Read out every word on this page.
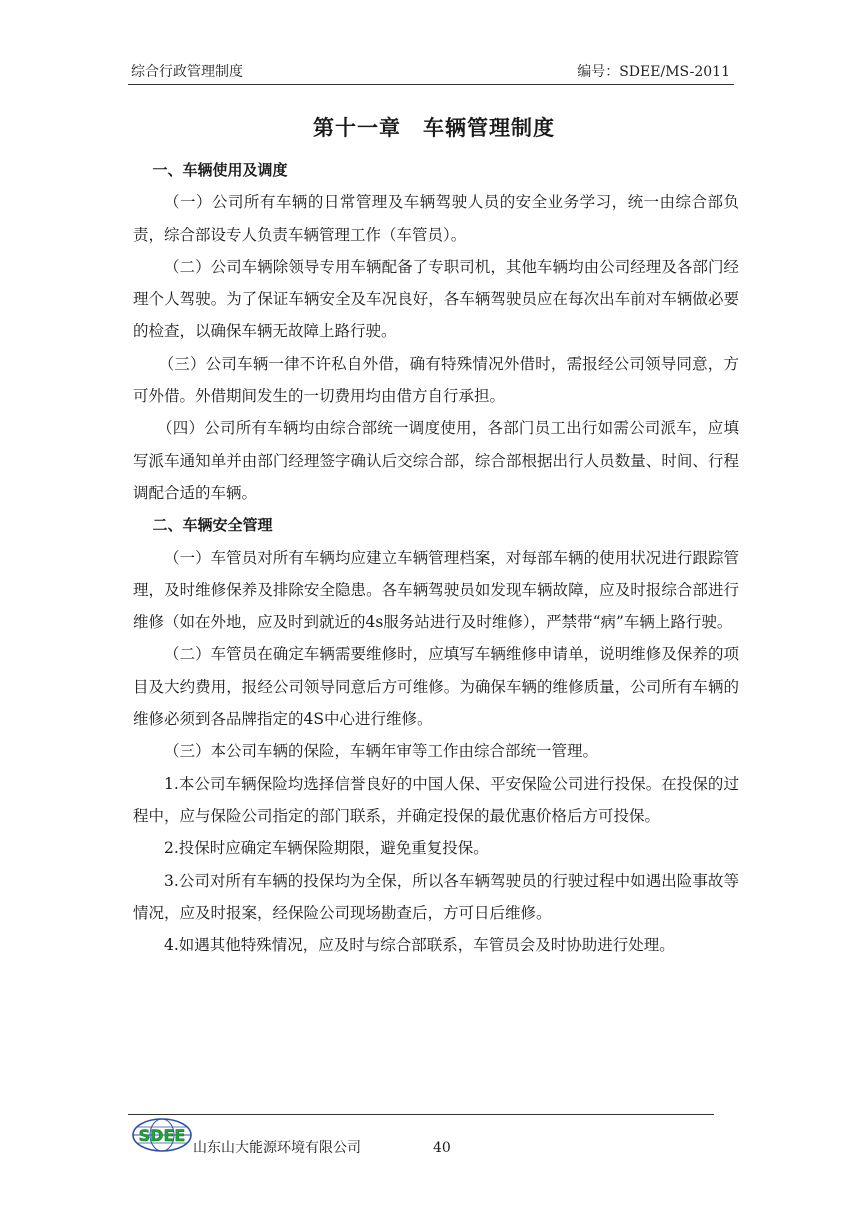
综合行政管理制度	编号：SDEE/MS-2011
第十一章　车辆管理制度

一、车辆使用及调度

（一）公司所有车辆的日常管理及车辆驾驶人员的安全业务学习，统一由综合部负责，综合部设专人负责车辆管理工作（车管员）。

（二）公司车辆除领导专用车辆配备了专职司机，其他车辆均由公司经理及各部门经理个人驾驶。为了保证车辆安全及车况良好，各车辆驾驶员应在每次出车前对车辆做必要的检查，以确保车辆无故障上路行驶。

（三）公司车辆一律不许私自外借，确有特殊情况外借时，需报经公司领导同意，方可外借。外借期间发生的一切费用均由借方自行承担。

（四）公司所有车辆均由综合部统一调度使用，各部门员工出行如需公司派车，应填写派车通知单并由部门经理签字确认后交综合部，综合部根据出行人员数量、时间、行程调配合适的车辆。

二、车辆安全管理

（一）车管员对所有车辆均应建立车辆管理档案，对每部车辆的使用状况进行跟踪管理，及时维修保养及排除安全隐患。各车辆驾驶员如发现车辆故障，应及时报综合部进行维修（如在外地，应及时到就近的4s服务站进行及时维修），严禁带“病”车辆上路行驶。

（二）车管员在确定车辆需要维修时，应填写车辆维修申请单，说明维修及保养的项目及大约费用，报经公司领导同意后方可维修。为确保车辆的维修质量，公司所有车辆的维修必须到各品牌指定的4S中心进行维修。

（三）本公司车辆的保险，车辆年审等工作由综合部统一管理。

1.本公司车辆保险均选择信誉良好的中国人保、平安保险公司进行投保。在投保的过程中，应与保险公司指定的部门联系，并确定投保的最优惠价格后方可投保。

2.投保时应确定车辆保险期限，避免重复投保。

3.公司对所有车辆的投保均为全保，所以各车辆驾驶员的行驶过程中如遇出险事故等情况，应及时报案，经保险公司现场勘查后，方可日后维修。

4.如遇其他特殊情况，应及时与综合部联系，车管员会及时协助进行处理。

SDEE
山东山大能源环境有限公司	40
